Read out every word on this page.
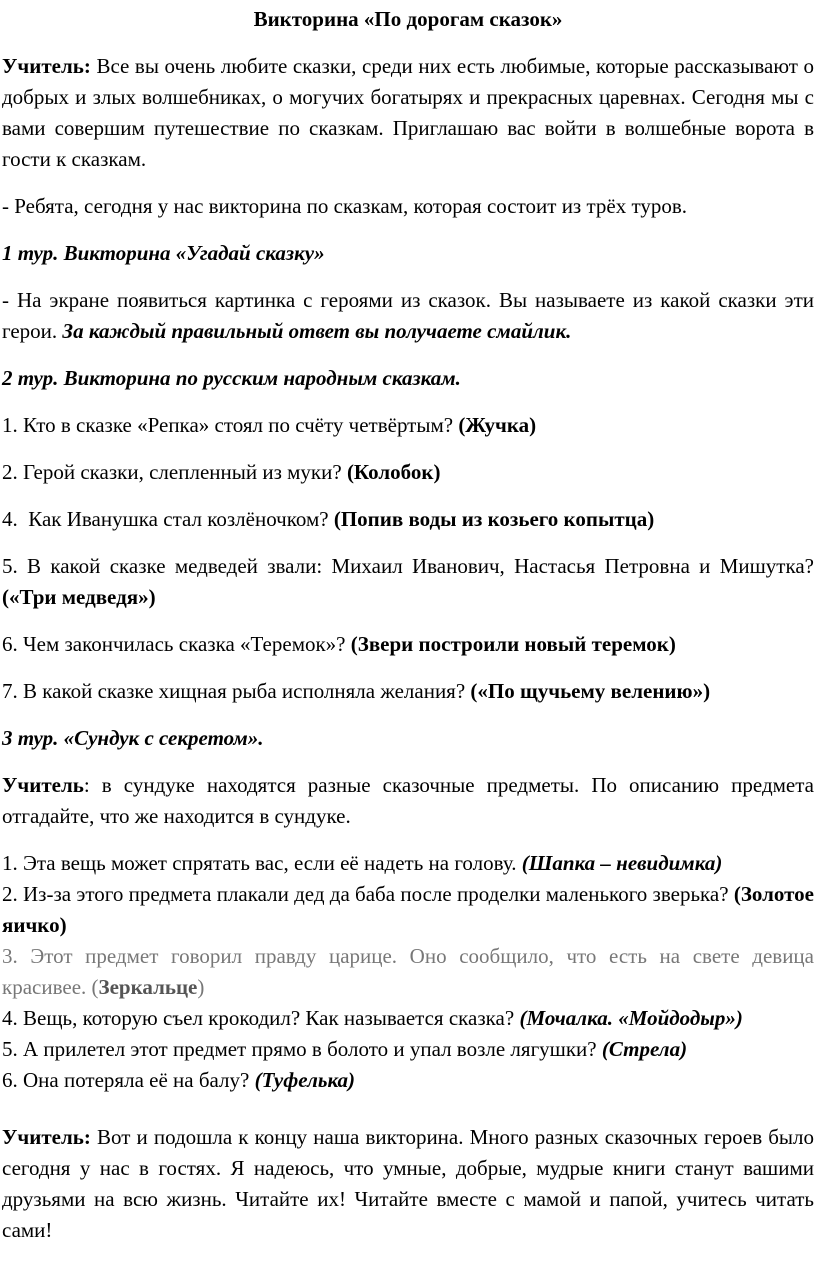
Викторина «По дорогам сказок»

Учитель: Все вы очень любите сказки, среди них есть любимые, которые рассказывают о добрых и злых волшебниках, о могучих богатырях и прекрасных царевнах. Сегодня мы с вами совершим путешествие по сказкам. Приглашаю вас войти в волшебные ворота в гости к сказкам.

- Ребята, сегодня у нас викторина по сказкам, которая состоит из трёх туров.

1 тур. Викторина «Угадай сказку»

- На экране появиться картинка с героями из сказок. Вы называете из какой сказки эти герои. За каждый правильный ответ вы получаете смайлик.

2 тур. Викторина по русским народным сказкам.

1. Кто в сказке «Репка» стоял по счёту четвёртым? (Жучка)

2. Герой сказки, слепленный из муки? (Колобок)

4.  Как Иванушка стал козлёночком? (Попив воды из козьего копытца)

5. В какой сказке медведей звали: Михаил Иванович, Настасья Петровна и Мишутка? («Три медведя»)

6. Чем закончилась сказка «Теремок»? (Звери построили новый теремок)

7. В какой сказке хищная рыба исполняла желания? («По щучьему велению»)

3 тур. «Сундук с секретом».

Учитель: в сундуке находятся разные сказочные предметы. По описанию предмета отгадайте, что же находится в сундуке.

1. Эта вещь может спрятать вас, если её надеть на голову. (Шапка – невидимка)

2. Из-за этого предмета плакали дед да баба после проделки маленького зверька? (Золотое яичко)

3. Этот предмет говорил правду царице. Оно сообщило, что есть на свете девица красивее. (Зеркальце)

4. Вещь, которую съел крокодил? Как называется сказка? (Мочалка. «Мойдодыр»)

5. А прилетел этот предмет прямо в болото и упал возле лягушки? (Стрела)

6. Она потеряла её на балу? (Туфелька)

Учитель: Вот и подошла к концу наша викторина. Много разных сказочных героев было сегодня у нас в гостях. Я надеюсь, что умные, добрые, мудрые книги станут вашими друзьями на всю жизнь. Читайте их! Читайте вместе с мамой и папой, учитесь читать сами!
